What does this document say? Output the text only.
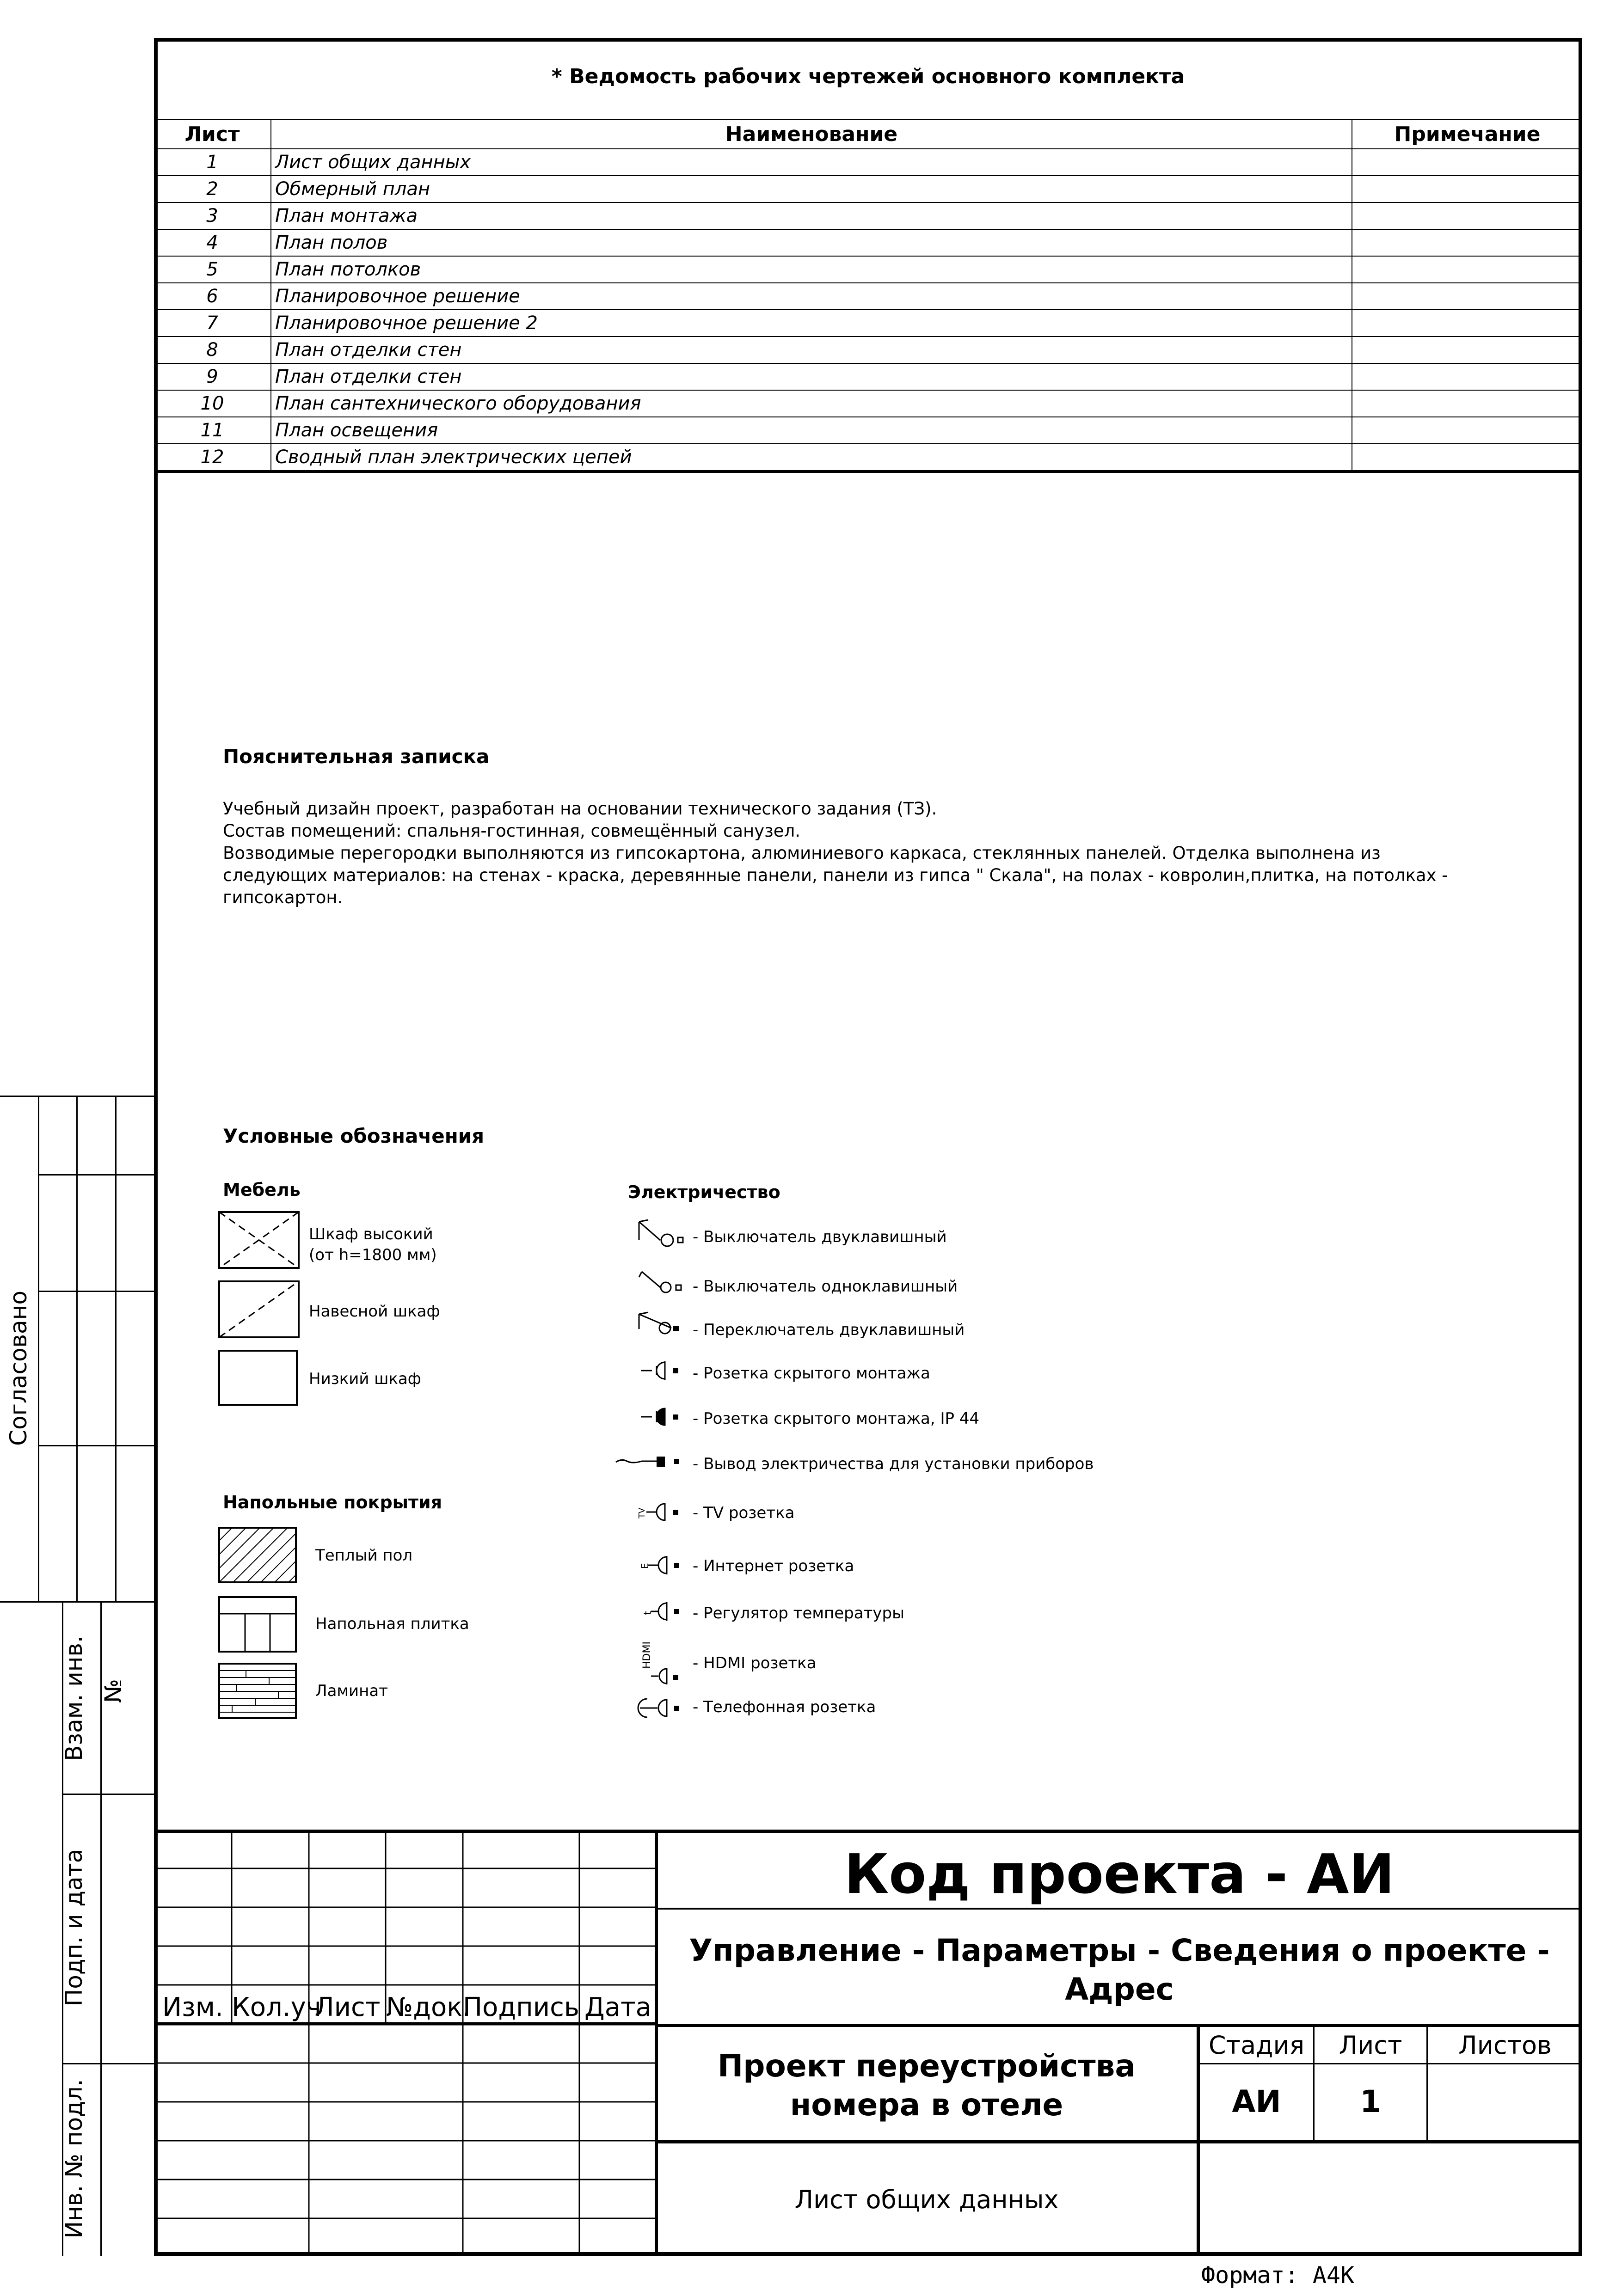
* Ведомость рабочих чертежей основного комплекта
Лист	Наименование	Примечание
1	Лист общих данных	
2	Обмерный план	
3	План монтажа	
4	План полов	
5	План потолков	
6	Планировочное решение	
7	Планировочное решение 2	
8	План отделки стен	
9	План отделки стен	
10	План сантехнического оборудования	
11	План освещения	
12	Сводный план электрических цепей	
Пояснительная записка
Учебный дизайн проект, разработан на основании технического задания (ТЗ).
Состав помещений: спальня-гостинная, совмещённый санузел.
Возводимые перегородки выполняются из гипсокартона, алюминиевого каркаса, стеклянных панелей. Отделка выполнена из
следующих материалов: на стенах - краска, деревянные панели, панели из гипса " Скала", на полах - ковролин,плитка, на потолках -
гипсокартон.
Условные обозначения
Мебель
Шкаф высокий
(от h=1800 мм)
Навесной шкаф
Низкий шкаф
Напольные покрытия
Теплый пол
Напольная плитка
Ламинат
Электричество
- Выключатель двуклавишный
- Выключатель одноклавишный
- Переключатель двуклавишный
- Розетка скрытого монтажа
- Розетка скрытого монтажа, IP 44
- Вывод электричества для установки приборов
TV	- TV розетка
E	- Интернет розетка
t - Регулятор температуры
HDMI	- HDMI розетка
- Телефонная розетка
Согласовано
Взам. инв. №
Подп. и дата
Инв. № подл.
Изм. Кол.уч
Лист №док.
Подпись Дата
Код проекта - АИ
Управление - Параметры - Сведения о проекте -
Адрес
Проект переустройства
номера в отеле
Стадия	Лист	Листов
АИ	1
Лист общих данных
Формат: А4К
